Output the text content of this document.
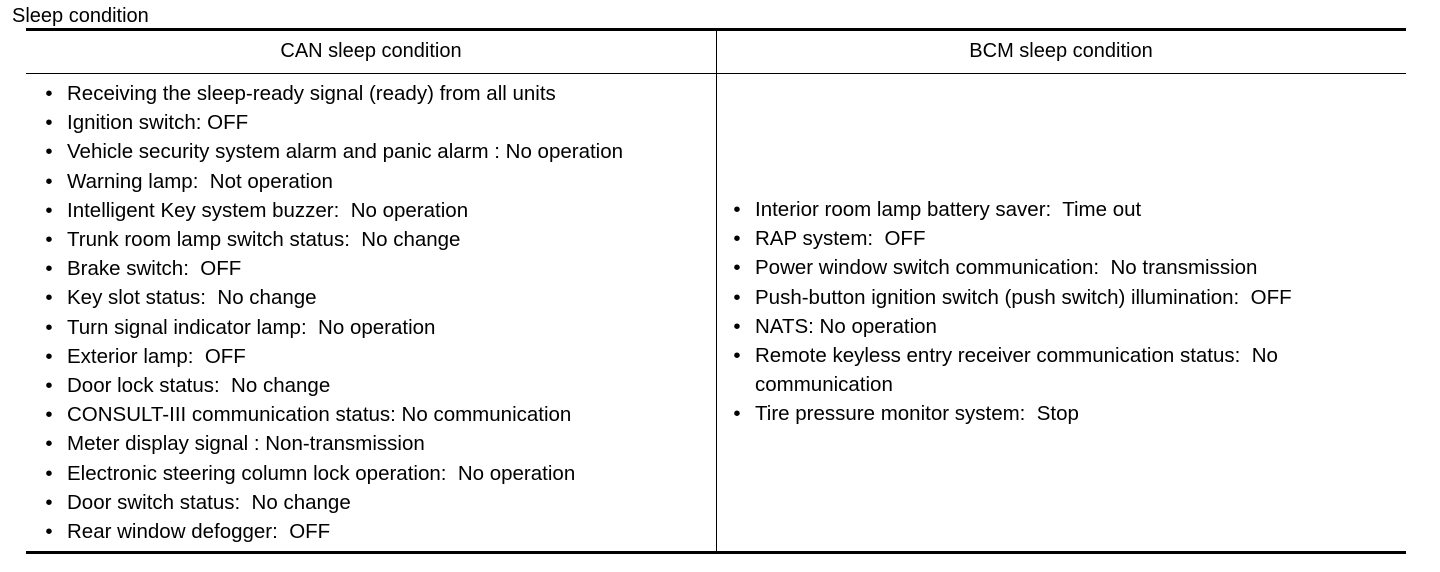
Sleep condition
CAN sleep condition	BCM sleep condition
• Receiving the sleep-ready signal (ready) from all units
• Ignition switch: OFF
• Vehicle security system alarm and panic alarm : No operation
• Warning lamp:  Not operation
• Intelligent Key system buzzer:  No operation
• Trunk room lamp switch status:  No change
• Brake switch:  OFF
• Key slot status:  No change
• Turn signal indicator lamp:  No operation
• Exterior lamp:  OFF
• Door lock status:  No change
• CONSULT-III communication status: No communication
• Meter display signal : Non-transmission
• Electronic steering column lock operation:  No operation
• Door switch status:  No change
• Rear window defogger:  OFF
• Interior room lamp battery saver:  Time out
• RAP system:  OFF
• Power window switch communication:  No transmission
• Push-button ignition switch (push switch) illumination:  OFF
• NATS: No operation
• Remote keyless entry receiver communication status:  No communication
• Tire pressure monitor system:  Stop
